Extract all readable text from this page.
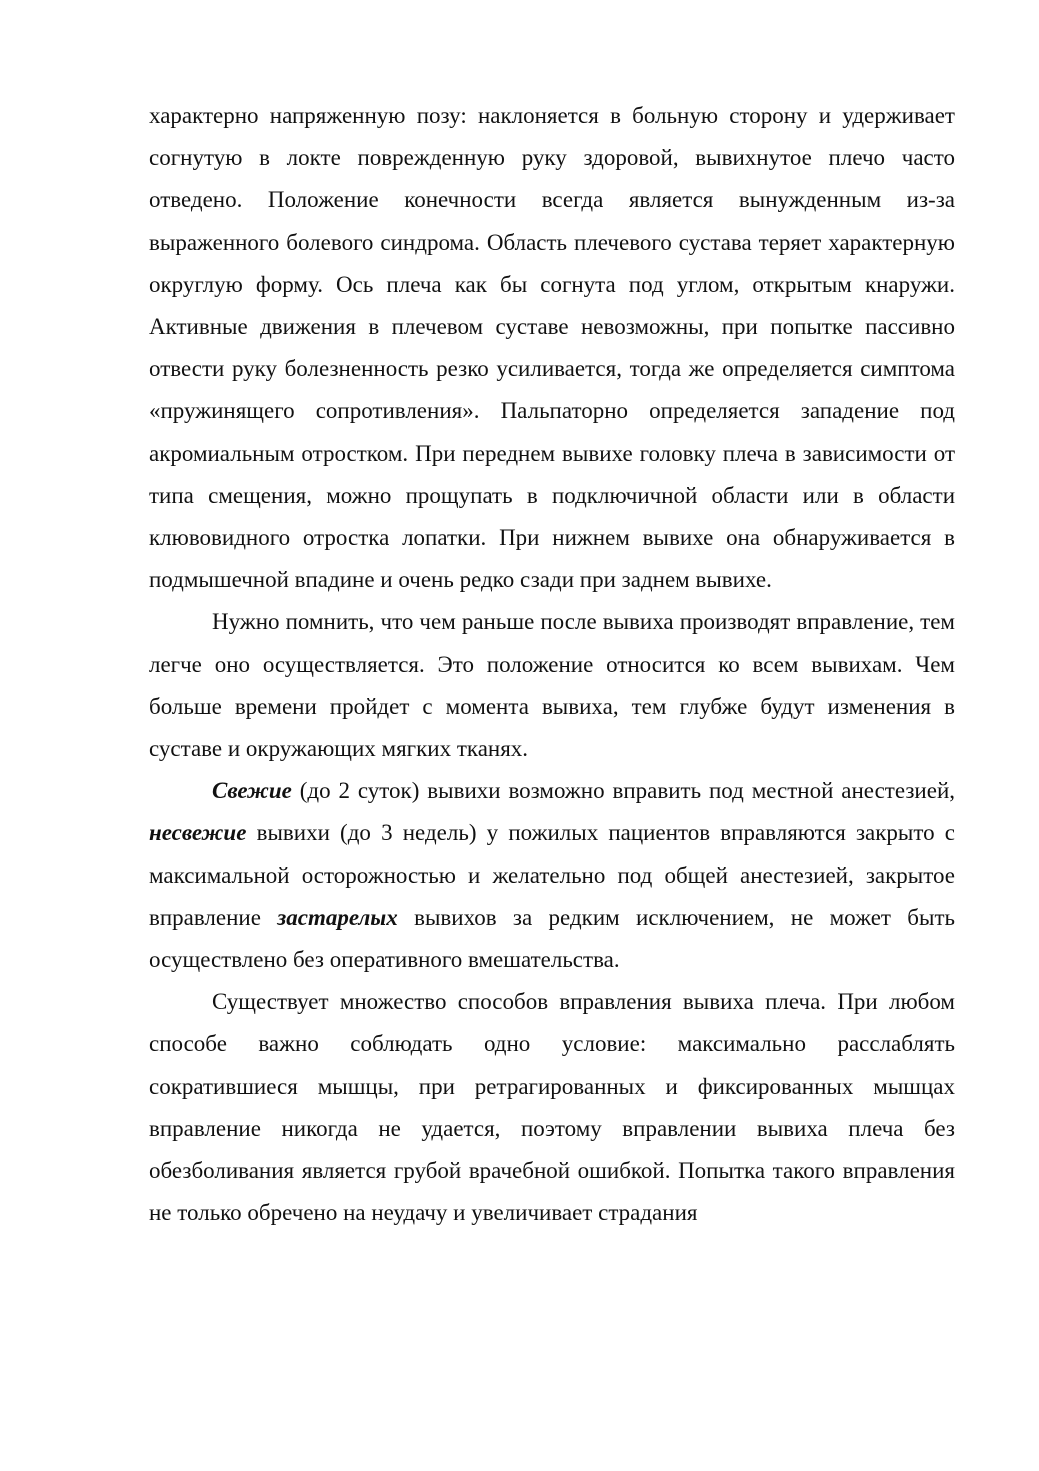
характерно напряженную позу: наклоняется в больную сторону и удерживает согнутую в локте поврежденную руку здоровой, вывихнутое плечо часто отведено. Положение конечности всегда является вынужденным из-за выраженного болевого синдрома. Область плечевого сустава теряет характерную округлую форму. Ось плеча как бы согнута под углом, открытым кнаружи. Активные движения в плечевом суставе невозможны, при попытке пассивно отвести руку болезненность резко усиливается, тогда же определяется симптома «пружинящего сопротивления». Пальпаторно определяется западение под акромиальным отростком. При переднем вывихе головку плеча в зависимости от типа смещения, можно прощупать в подключичной области или в области клювовидного отростка лопатки. При нижнем вывихе она обнаруживается в подмышечной впадине и очень редко сзади при заднем вывихе.

Нужно помнить, что чем раньше после вывиха производят вправление, тем легче оно осуществляется. Это положение относится ко всем вывихам. Чем больше времени пройдет с момента вывиха, тем глубже будут изменения в суставе и окружающих мягких тканях.

Свежие (до 2 суток) вывихи возможно вправить под местной анестезией, несвежие вывихи (до 3 недель) у пожилых пациентов вправляются закрыто с максимальной осторожностью и желательно под общей анестезией, закрытое вправление застарелых вывихов за редким исключением, не может быть осуществлено без оперативного вмешательства.

Существует множество способов вправления вывиха плеча. При любом способе важно соблюдать одно условие: максимально расслаблять сократившиеся мышцы, при ретрагированных и фиксированных мышцах вправление никогда не удается, поэтому вправлении вывиха плеча без обезболивания является грубой врачебной ошибкой. Попытка такого вправления не только обречено на неудачу и увеличивает страдания
